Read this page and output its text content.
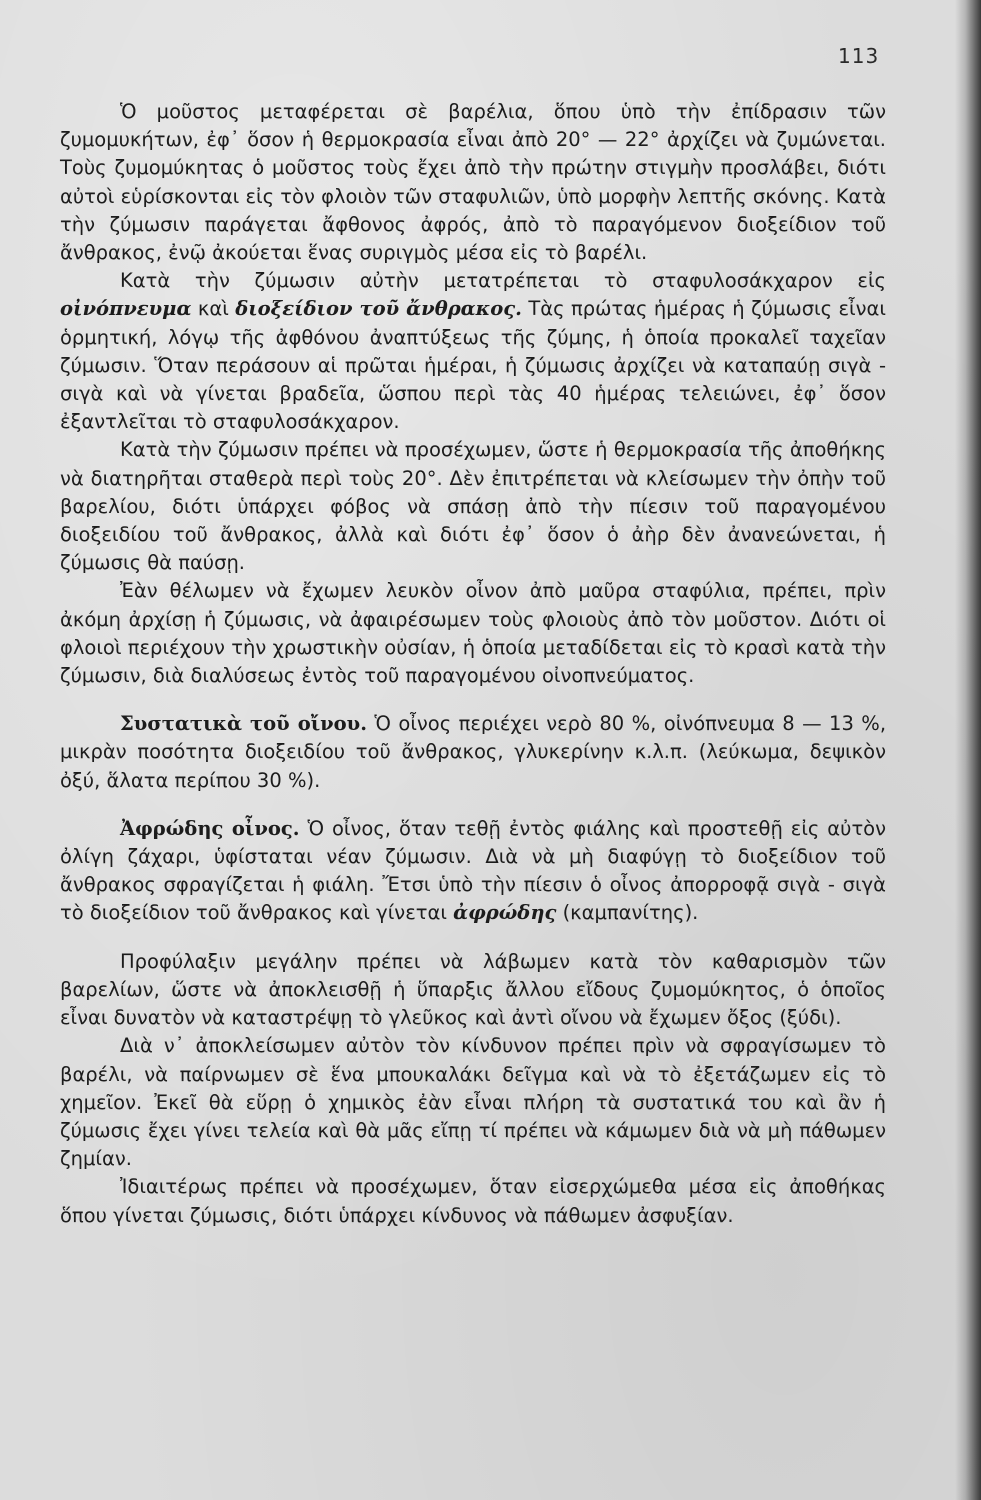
113

Ὁ μοῦστος μεταφέρεται σὲ βαρέλια, ὅπου ὑπὸ τὴν ἐπίδρασιν τῶν ζυμομυκήτων, ἐφ᾽ ὅσον ἡ θερμοκρασία εἶναι ἀπὸ 20° — 22° ἀρχίζει νὰ ζυμώνεται. Τοὺς ζυμομύκητας ὁ μοῦστος τοὺς ἔχει ἀπὸ τὴν πρώτην στιγμὴν προσλάβει, διότι αὐτοὶ εὑρίσκονται εἰς τὸν φλοιὸν τῶν σταφυλιῶν, ὑπὸ μορφὴν λεπτῆς σκόνης. Κατὰ τὴν ζύμωσιν παράγεται ἄφθονος ἀφρός, ἀπὸ τὸ παραγόμενον διοξείδιον τοῦ ἄνθρακος, ἐνῷ ἀκούεται ἕνας συριγμὸς μέσα εἰς τὸ βαρέλι.

Κατὰ τὴν ζύμωσιν αὐτὴν μετατρέπεται τὸ σταφυλοσάκχαρον εἰς οἰνόπνευμα καὶ διοξείδιον τοῦ ἄνθρακος. Τὰς πρώτας ἡμέρας ἡ ζύμωσις εἶναι ὁρμητική, λόγῳ τῆς ἀφθόνου ἀναπτύξεως τῆς ζύμης, ἡ ὁποία προκαλεῖ ταχεῖαν ζύμωσιν. Ὅταν περάσουν αἱ πρῶται ἡμέραι, ἡ ζύμωσις ἀρχίζει νὰ καταπαύῃ σιγὰ - σιγὰ καὶ νὰ γίνεται βραδεῖα, ὥσπου περὶ τὰς 40 ἡμέρας τελειώνει, ἐφ᾽ ὅσον ἐξαντλεῖται τὸ σταφυλοσάκχαρον.

Κατὰ τὴν ζύμωσιν πρέπει νὰ προσέχωμεν, ὥστε ἡ θερμοκρασία τῆς ἀποθήκης νὰ διατηρῆται σταθερὰ περὶ τοὺς 20°. Δὲν ἐπιτρέπεται νὰ κλείσωμεν τὴν ὀπὴν τοῦ βαρελίου, διότι ὑπάρχει φόβος νὰ σπάσῃ ἀπὸ τὴν πίεσιν τοῦ παραγομένου διοξειδίου τοῦ ἄνθρακος, ἀλλὰ καὶ διότι ἐφ᾽ ὅσον ὁ ἀὴρ δὲν ἀνανεώνεται, ἡ ζύμωσις θὰ παύσῃ.

Ἐὰν θέλωμεν νὰ ἔχωμεν λευκὸν οἶνον ἀπὸ μαῦρα σταφύλια, πρέπει, πρὶν ἀκόμη ἀρχίσῃ ἡ ζύμωσις, νὰ ἀφαιρέσωμεν τοὺς φλοιοὺς ἀπὸ τὸν μοῦστον. Διότι οἱ φλοιοὶ περιέχουν τὴν χρωστικὴν οὐσίαν, ἡ ὁποία μεταδίδεται εἰς τὸ κρασὶ κατὰ τὴν ζύμωσιν, διὰ διαλύσεως ἐντὸς τοῦ παραγομένου οἰνοπνεύματος.

Συστατικὰ τοῦ οἴνου. Ὁ οἶνος περιέχει νερὸ 80 %, οἰνόπνευμα 8 — 13 %, μικρὰν ποσότητα διοξειδίου τοῦ ἄνθρακος, γλυκερίνην κ.λ.π. (λεύκωμα, δεψικὸν ὀξύ, ἅλατα περίπου 30 %).

Ἀφρώδης οἶνος. Ὁ οἶνος, ὅταν τεθῇ ἐντὸς φιάλης καὶ προστεθῇ εἰς αὐτὸν ὀλίγη ζάχαρι, ὑφίσταται νέαν ζύμωσιν. Διὰ νὰ μὴ διαφύγῃ τὸ διοξείδιον τοῦ ἄνθρακος σφραγίζεται ἡ φιάλη. Ἔτσι ὑπὸ τὴν πίεσιν ὁ οἶνος ἀπορροφᾷ σιγὰ - σιγὰ τὸ διοξείδιον τοῦ ἄνθρακος καὶ γίνεται ἀφρώδης (καμπανίτης).

Προφύλαξιν μεγάλην πρέπει νὰ λάβωμεν κατὰ τὸν καθαρισμὸν τῶν βαρελίων, ὥστε νὰ ἀποκλεισθῇ ἡ ὕπαρξις ἄλλου εἴδους ζυμομύκητος, ὁ ὁποῖος εἶναι δυνατὸν νὰ καταστρέψῃ τὸ γλεῦκος καὶ ἀντὶ οἴνου νὰ ἔχωμεν ὄξος (ξύδι).

Διὰ ν᾽ ἀποκλείσωμεν αὐτὸν τὸν κίνδυνον πρέπει πρὶν νὰ σφραγίσωμεν τὸ βαρέλι, νὰ παίρνωμεν σὲ ἕνα μπουκαλάκι δεῖγμα καὶ νὰ τὸ ἐξετάζωμεν εἰς τὸ χημεῖον. Ἐκεῖ θὰ εὕρῃ ὁ χημικὸς ἐὰν εἶναι πλήρη τὰ συστατικά του καὶ ἂν ἡ ζύμωσις ἔχει γίνει τελεία καὶ θὰ μᾶς εἴπῃ τί πρέπει νὰ κάμωμεν διὰ νὰ μὴ πάθωμεν ζημίαν.

Ἰδιαιτέρως πρέπει νὰ προσέχωμεν, ὅταν εἰσερχώμεθα μέσα εἰς ἀποθήκας ὅπου γίνεται ζύμωσις, διότι ὑπάρχει κίνδυνος νὰ πάθωμεν ἀσφυξίαν.
